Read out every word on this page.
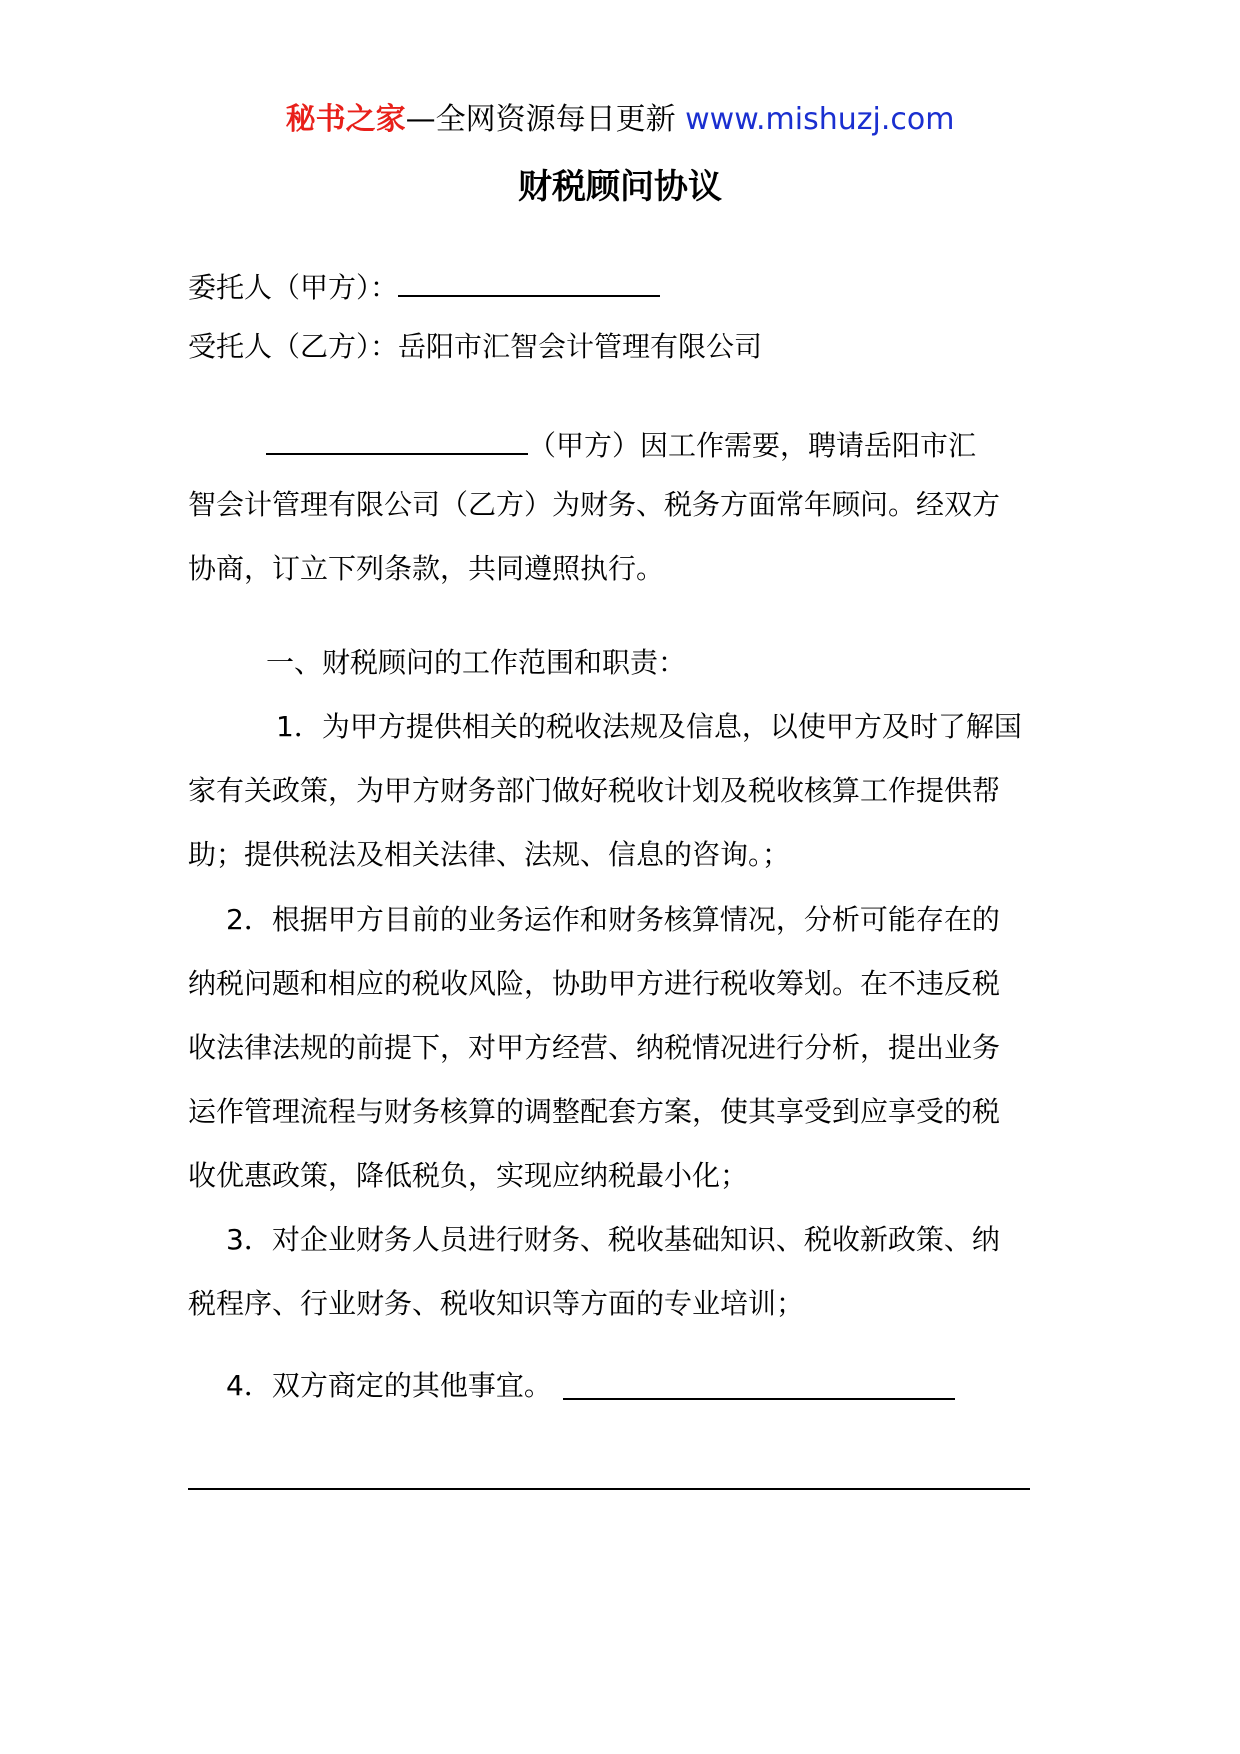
秘书之家—全网资源每日更新 www.mishuzj.com
财税顾问协议
委托人（甲方）：
受托人（乙方）：岳阳市汇智会计管理有限公司
（甲方）因工作需要，聘请岳阳市汇
智会计管理有限公司（乙方）为财务、税务方面常年顾问。经双方
协商，订立下列条款，共同遵照执行。
一、财税顾问的工作范围和职责：
1．为甲方提供相关的税收法规及信息，以使甲方及时了解国
家有关政策，为甲方财务部门做好税收计划及税收核算工作提供帮
助；提供税法及相关法律、法规、信息的咨询。；
2．根据甲方目前的业务运作和财务核算情况，分析可能存在的
纳税问题和相应的税收风险，协助甲方进行税收筹划。在不违反税
收法律法规的前提下，对甲方经营、纳税情况进行分析，提出业务
运作管理流程与财务核算的调整配套方案，使其享受到应享受的税
收优惠政策，降低税负，实现应纳税最小化；
3．对企业财务人员进行财务、税收基础知识、税收新政策、纳
税程序、行业财务、税收知识等方面的专业培训；
4．双方商定的其他事宜。
